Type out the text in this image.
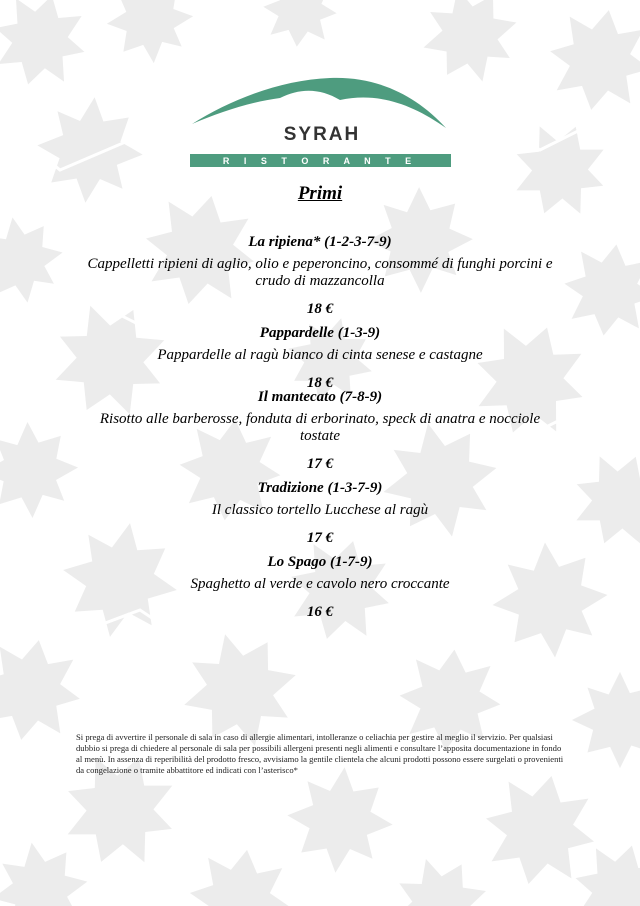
SYRAH
R I S T O R A N T E
Primi
La ripiena* (1-2-3-7-9)
Cappelletti ripieni di aglio, olio e peperoncino, consommé di funghi porcini e crudo di mazzancolla
18 €
Pappardelle (1-3-9)
Pappardelle al ragù bianco di cinta senese e castagne
18 €
Il mantecato (7-8-9)
Risotto alle barberosse, fonduta di erborinato, speck di anatra e nocciole tostate
17 €
Tradizione (1-3-7-9)
Il classico tortello Lucchese al ragù
17 €
Lo Spago (1-7-9)
Spaghetto al verde e cavolo nero croccante
16 €
Si prega di avvertire il personale di sala in caso di allergie alimentari, intolleranze o celiachia per gestire al meglio il servizio. Per qualsiasi dubbio si prega di chiedere al personale di sala per possibili allergeni presenti negli alimenti e consultare l’apposita documentazione in fondo al menù. In assenza di reperibilità del prodotto fresco, avvisiamo la gentile clientela che alcuni prodotti possono essere surgelati o provenienti da congelazione o tramite abbattitore ed indicati con l’asterisco*
